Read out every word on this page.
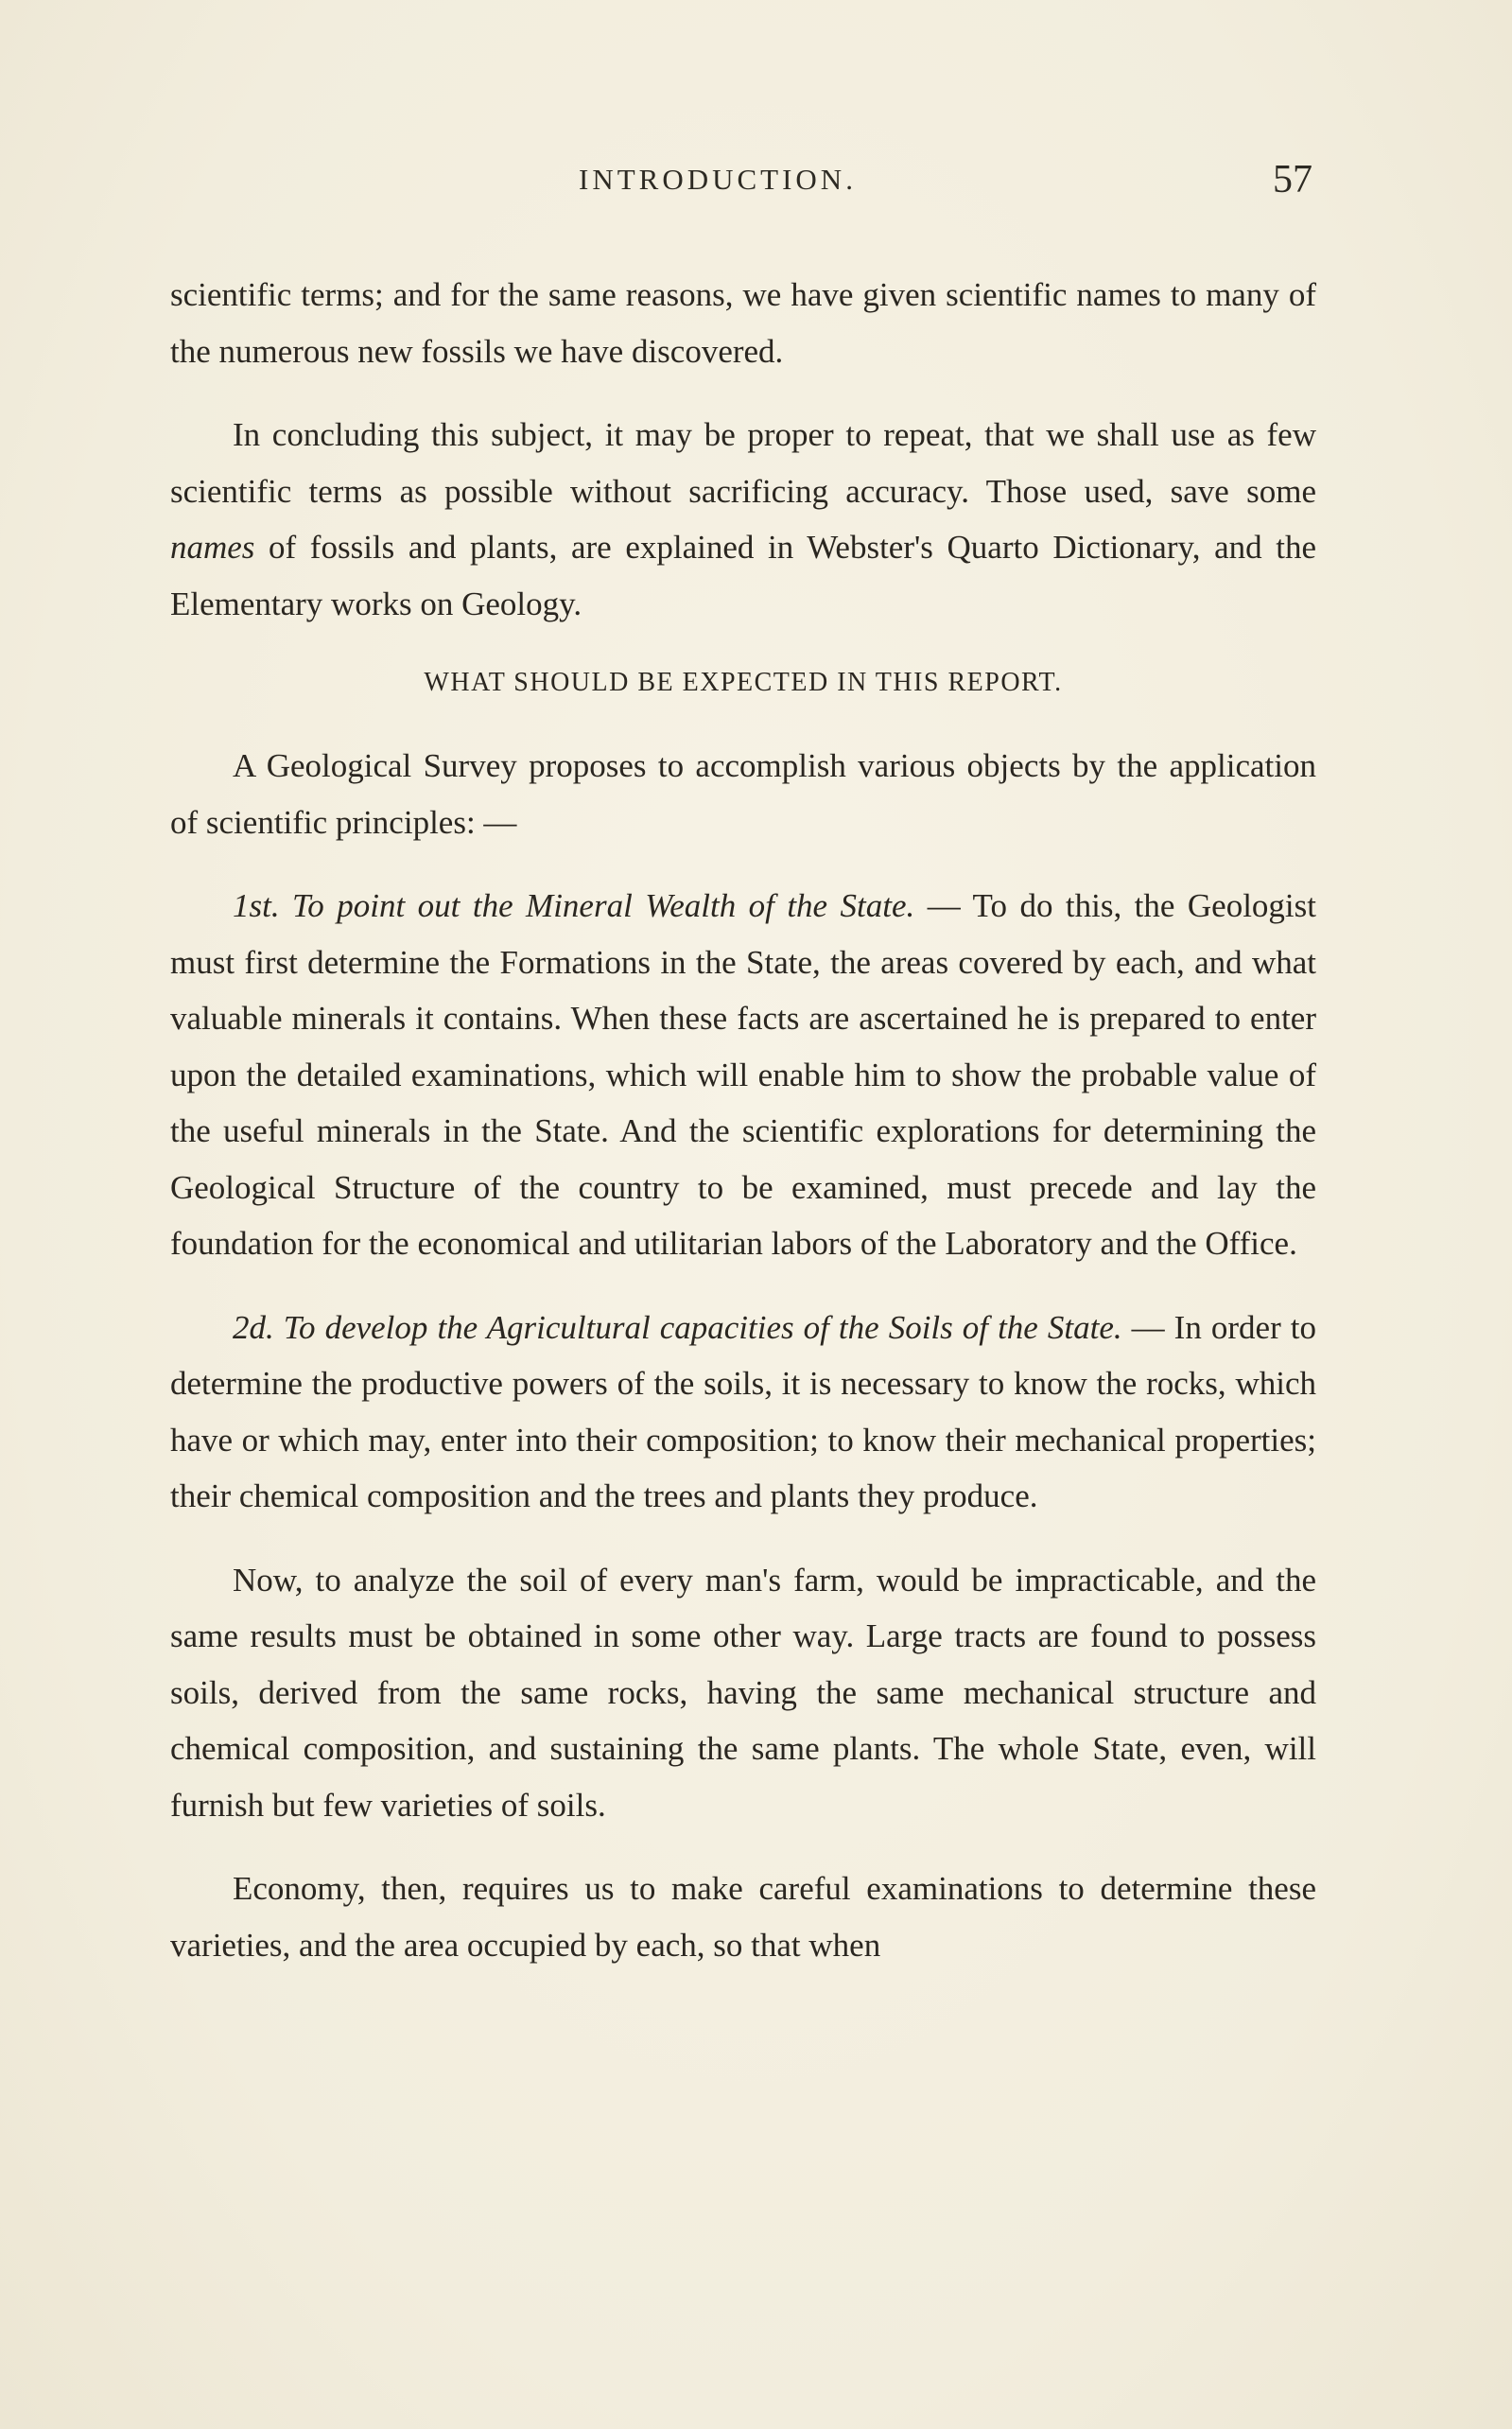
INTRODUCTION.	57

scientific terms; and for the same reasons, we have given scientific names to many of the numerous new fossils we have discovered.

In concluding this subject, it may be proper to repeat, that we shall use as few scientific terms as possible without sacrificing accuracy. Those used, save some names of fossils and plants, are explained in Webster's Quarto Dictionary, and the Elementary works on Geology.

WHAT SHOULD BE EXPECTED IN THIS REPORT.

A Geological Survey proposes to accomplish various objects by the application of scientific principles: —

1st. To point out the Mineral Wealth of the State. — To do this, the Geologist must first determine the Formations in the State, the areas covered by each, and what valuable minerals it contains. When these facts are ascertained he is prepared to enter upon the detailed examinations, which will enable him to show the probable value of the useful minerals in the State. And the scientific explorations for determining the Geological Structure of the country to be examined, must precede and lay the foundation for the economical and utilitarian labors of the Laboratory and the Office.

2d. To develop the Agricultural capacities of the Soils of the State. — In order to determine the productive powers of the soils, it is necessary to know the rocks, which have or which may, enter into their composition; to know their mechanical properties; their chemical composition and the trees and plants they produce.

Now, to analyze the soil of every man's farm, would be impracticable, and the same results must be obtained in some other way. Large tracts are found to possess soils, derived from the same rocks, having the same mechanical structure and chemical composition, and sustaining the same plants. The whole State, even, will furnish but few varieties of soils.

Economy, then, requires us to make careful examinations to determine these varieties, and the area occupied by each, so that when
